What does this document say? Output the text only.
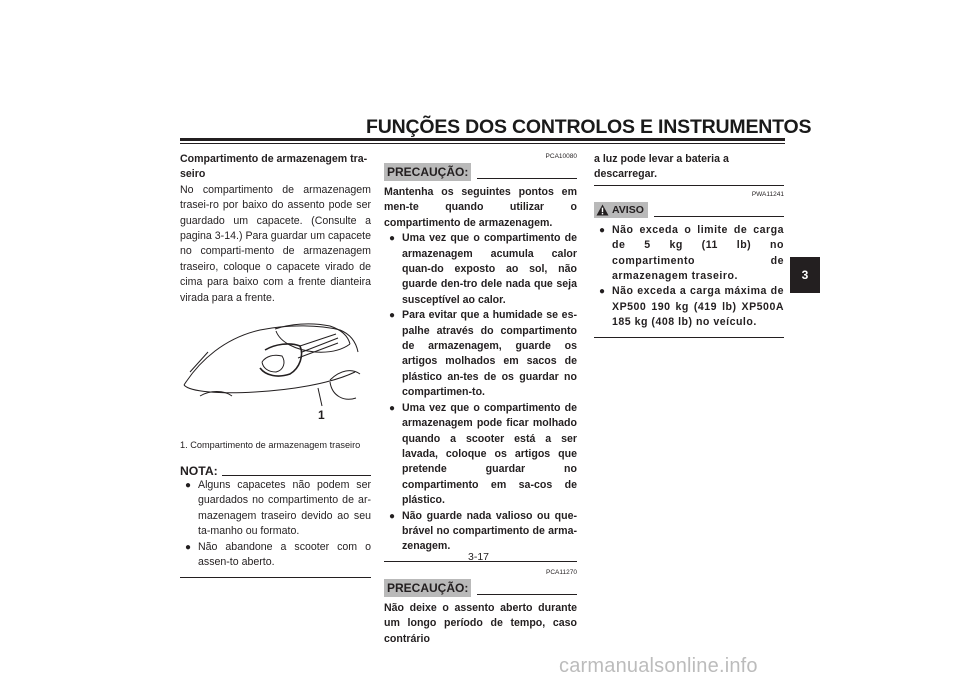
FUNÇÕES DOS CONTROLOS E INSTRUMENTOS
3

Compartimento de armazenagem tra-seiro

No compartimento de armazenagem trasei-ro por baixo do assento pode ser guardado um capacete. (Consulte a pagina 3-14.) Para guardar um capacete no comparti-mento de armazenagem traseiro, coloque o capacete virado de cima para baixo com a frente dianteira virada para a frente.

1

1. Compartimento de armazenagem traseiro

NOTA:
● Alguns capacetes não podem ser guardados no compartimento de ar-mazenagem traseiro devido ao seu ta-manho ou formato.
● Não abandone a scooter com o assen-to aberto.
PCA10080
PRECAUÇÃO:

Mantenha os seguintes pontos em men-te quando utilizar o compartimento de armazenagem.

● Uma vez que o compartimento de armazenagem acumula calor quan-do exposto ao sol, não guarde den-tro dele nada que seja susceptível ao calor.
● Para evitar que a humidade se es-palhe através do compartimento de armazenagem, guarde os artigos molhados em sacos de plástico an-tes de os guardar no compartimen-to.
● Uma vez que o compartimento de armazenagem pode ficar molhado quando a scooter está a ser lavada, coloque os artigos que pretende guardar no compartimento em sa-cos de plástico.
● Não guarde nada valioso ou que-brável no compartimento de arma-zenagem.
PCA11270
PRECAUÇÃO:

Não deixe o assento aberto durante um longo período de tempo, caso contrário

a luz pode levar a bateria a descarregar.

PWA11241
AVISO
● Não exceda o limite de carga de 5 kg (11 lb) no compartimento de armazenagem traseiro.
● Não exceda a carga máxima de XP500 190 kg (419 lb) XP500A 185 kg (408 lb) no veículo.
3-17
carmanualsonline.info
